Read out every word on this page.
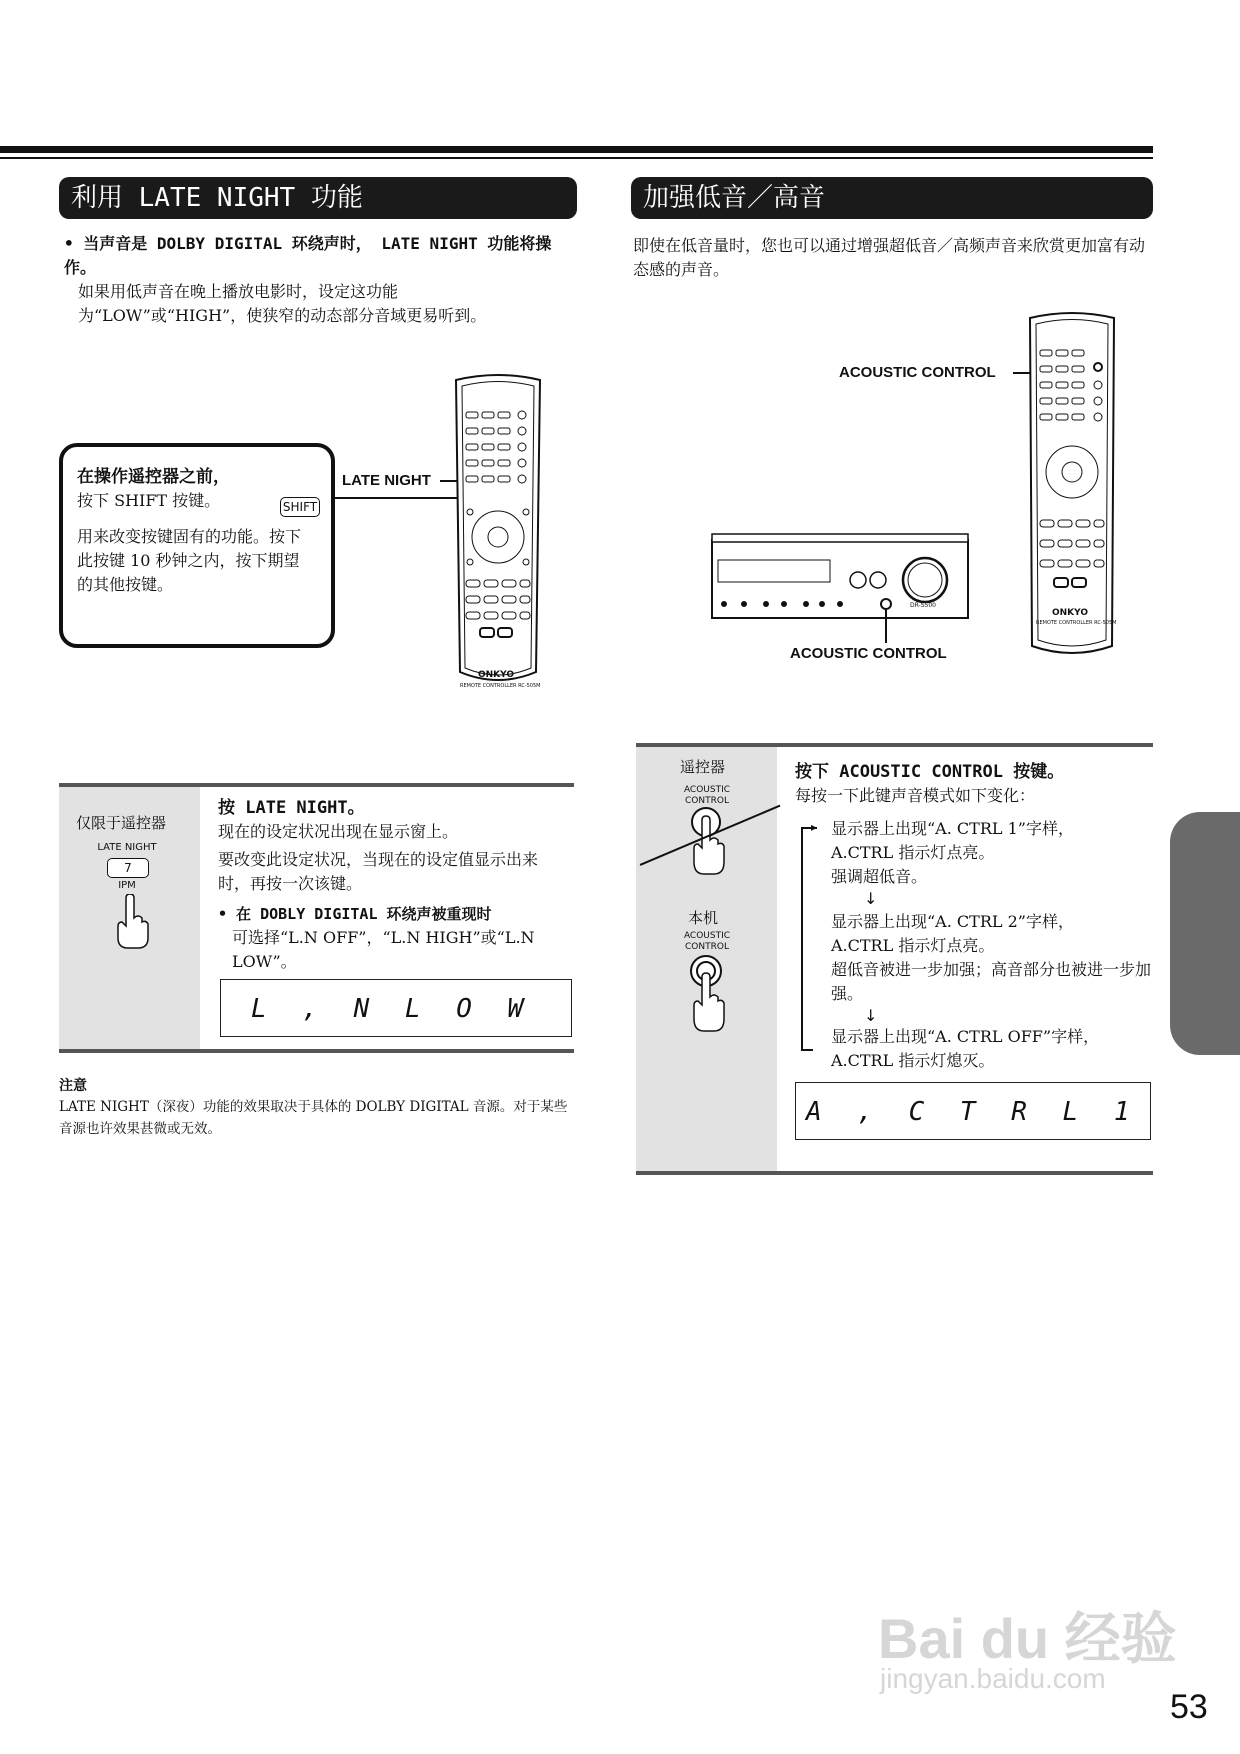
利用 LATE NIGHT 功能
• 当声音是 DOLBY DIGITAL 环绕声时， LATE NIGHT 功能将操作。
如果用低声音在晚上播放电影时，设定这功能为“LOW”或“HIGH”，使狭窄的动态部分音域更易听到。
在操作遥控器之前，
按下 SHIFT 按键。	SHIFT
用来改变按键固有的功能。按下此按键 10 秒钟之内，按下期望的其他按键。
LATE NIGHT
ONKYO
REMOTE CONTROLLER RC-505M
仅限于遥控器
LATE NIGHT
7
IPM
按 LATE NIGHT。
现在的设定状况出现在显示窗上。
要改变此设定状况，当现在的设定值显示出来时，再按一次该键。
• 在 DOBLY DIGITAL 环绕声被重现时
可选择“L.N OFF”，“L.N HIGH”或“L.N LOW”。
L , N L O W
注意
LATE NIGHT（深夜）功能的效果取决于具体的 DOLBY DIGITAL 音源。对于某些音源也许效果甚微或无效。
加强低音／高音
即使在低音量时，您也可以通过增强超低音／高频声音来欣赏更加富有动态感的声音。
ACOUSTIC CONTROL
ONKYO
REMOTE CONTROLLER RC-505M
DR-S500
ACOUSTIC CONTROL
遥控器
ACOUSTIC CONTROL
本机
ACOUSTIC CONTROL
按下 ACOUSTIC CONTROL 按键。
每按一下此键声音模式如下变化：
▸ 显示器上出现“A. CTRL 1”字样，
A.CTRL 指示灯点亮。
强调超低音。
↓
显示器上出现“A. CTRL 2”字样，
A.CTRL 指示灯点亮。
超低音被进一步加强；高音部分也被进一步加强。
↓
显示器上出现“A. CTRL OFF”字样，
A.CTRL 指示灯熄灭。
A , C T R L 1
Bai du 经验
jingyan.baidu.com
53
